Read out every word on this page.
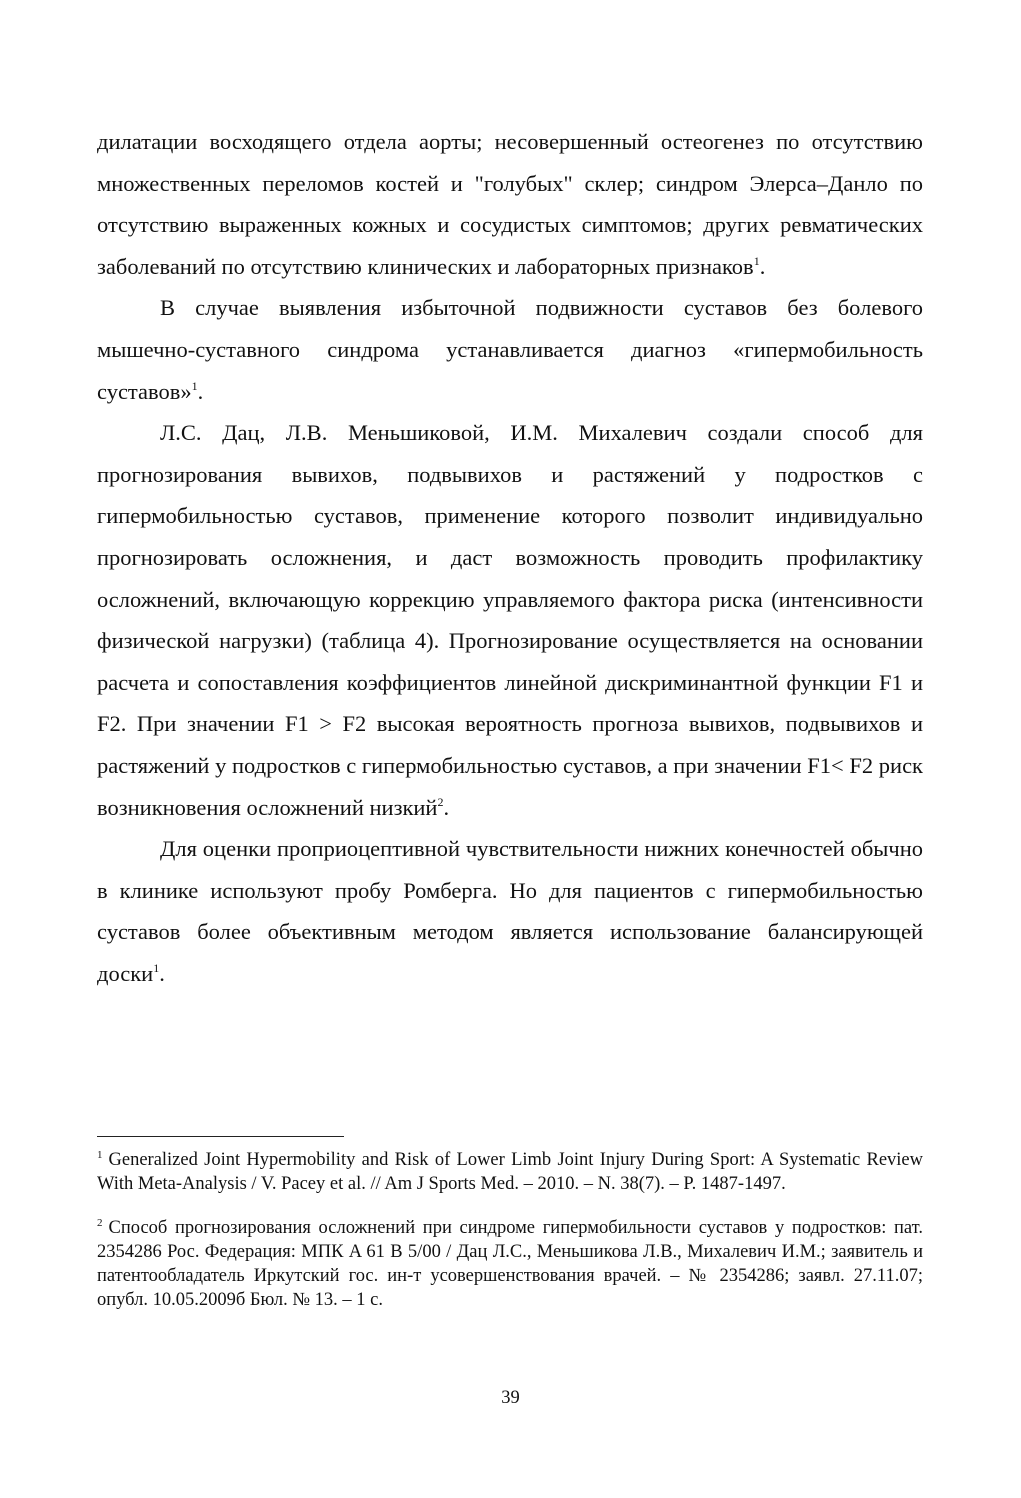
дилатации восходящего отдела аорты; несовершенный остеогенез по отсутствию множественных переломов костей и "голубых" склер; синдром Элерса–Данло по отсутствию выраженных кожных и сосудистых симптомов; других ревматических заболеваний по отсутствию клинических и лабораторных признаков$^1$.

В случае выявления избыточной подвижности суставов без болевого мышечно-суставного синдрома устанавливается диагноз «гипермобильность суставов»$^1$.

Л.С. Дац, Л.В. Меньшиковой, И.М. Михалевич создали способ для прогнозирования вывихов, подвывихов и растяжений у подростков с гипермобильностью суставов, применение которого позволит индивидуально прогнозировать осложнения, и даст возможность проводить профилактику осложнений, включающую коррекцию управляемого фактора риска (интенсивности физической нагрузки) (таблица 4). Прогнозирование осуществляется на основании расчета и сопоставления коэффициентов линейной дискриминантной функции F1 и F2. При значении F1 > F2 высокая вероятность прогноза вывихов, подвывихов и растяжений у подростков с гипермобильностью суставов, а при значении F1< F2 риск возникновения осложнений низкий$^2$.

Для оценки проприоцептивной чувствительности нижних конечностей обычно в клинике используют пробу Ромберга. Но для пациентов с гипермобильностью суставов более объективным методом является использование балансирующей доски$^1$.

$^1$ Generalized Joint Hypermobility and Risk of Lower Limb Joint Injury During Sport: A Systematic Review With Meta-Analysis / V. Pacey et al. // Am J Sports Med. – 2010. – N. 38(7). – P. 1487-1497.

$^2$ Способ прогнозирования осложнений при синдроме гипермобильности суставов у подростков: пат. 2354286 Рос. Федерация: МПК A 61 B 5/00 / Дац Л.С., Меньшикова Л.В., Михалевич И.М.; заявитель и патентообладатель Иркутский гос. ин-т усовершенствования врачей. – № 2354286; заявл. 27.11.07; опубл. 10.05.2009б Бюл. № 13. – 1 с.

39
